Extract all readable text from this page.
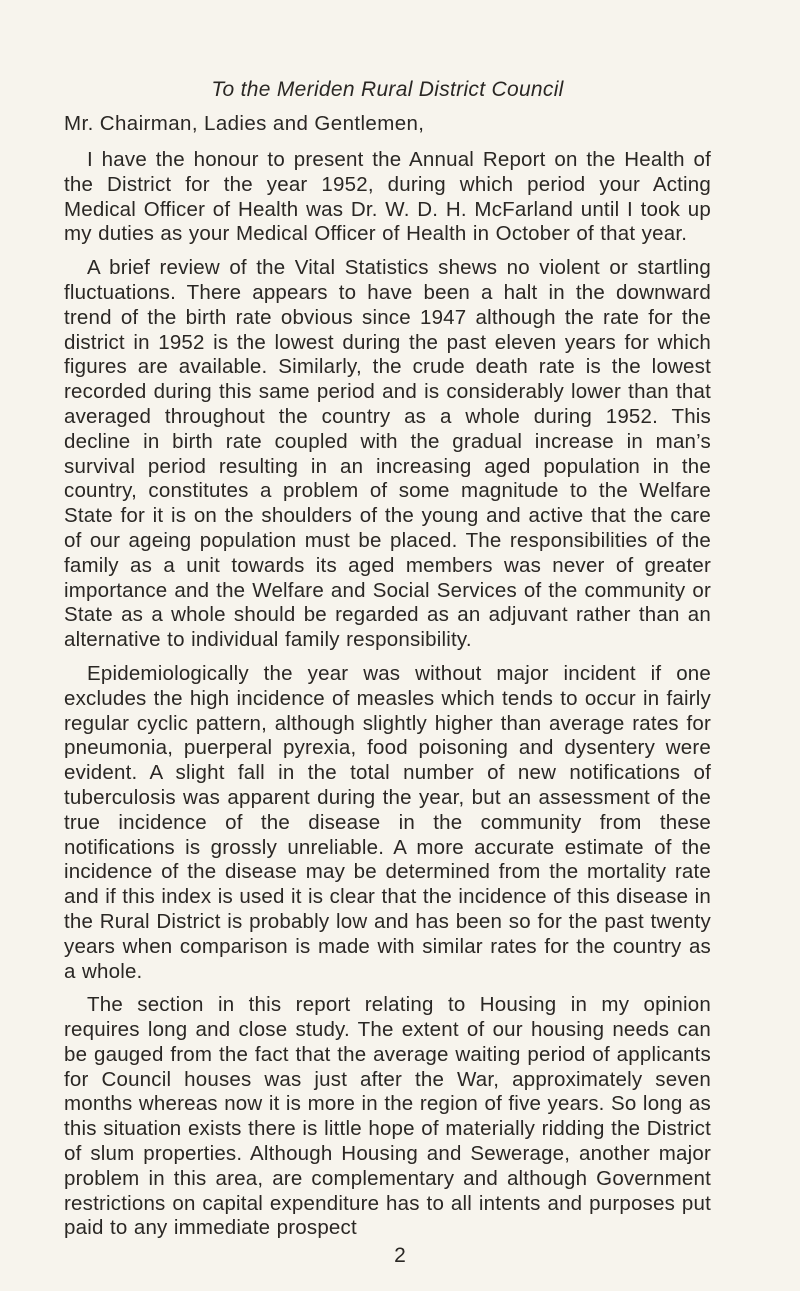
To the Meriden Rural District Council
Mr. Chairman, Ladies and Gentlemen,

I have the honour to present the Annual Report on the Health of the District for the year 1952, during which period your Acting Medical Officer of Health was Dr. W. D. H. McFarland until I took up my duties as your Medical Officer of Health in October of that year.

A brief review of the Vital Statistics shews no violent or startling fluctuations. There appears to have been a halt in the downward trend of the birth rate obvious since 1947 although the rate for the district in 1952 is the lowest during the past eleven years for which figures are available. Similarly, the crude death rate is the lowest recorded during this same period and is considerably lower than that averaged throughout the country as a whole during 1952. This decline in birth rate coupled with the gradual increase in man’s survival period resulting in an increasing aged population in the country, constitutes a problem of some magnitude to the Welfare State for it is on the shoulders of the young and active that the care of our ageing population must be placed. The responsibilities of the family as a unit towards its aged members was never of greater importance and the Welfare and Social Services of the community or State as a whole should be regarded as an adjuvant rather than an alternative to individual family responsibility.

Epidemiologically the year was without major incident if one excludes the high incidence of measles which tends to occur in fairly regular cyclic pattern, although slightly higher than average rates for pneumonia, puerperal pyrexia, food poisoning and dysentery were evident. A slight fall in the total number of new notifications of tuberculosis was apparent during the year, but an assessment of the true incidence of the disease in the community from these notifications is grossly unreliable. A more accurate estimate of the incidence of the disease may be determined from the mortality rate and if this index is used it is clear that the incidence of this disease in the Rural District is probably low and has been so for the past twenty years when comparison is made with similar rates for the country as a whole.

The section in this report relating to Housing in my opinion requires long and close study. The extent of our housing needs can be gauged from the fact that the average waiting period of applicants for Council houses was just after the War, approximately seven months whereas now it is more in the region of five years. So long as this situation exists there is little hope of materially ridding the District of slum properties. Although Housing and Sewerage, another major problem in this area, are complementary and although Government restrictions on capital expenditure has to all intents and purposes put paid to any immediate prospect

2
